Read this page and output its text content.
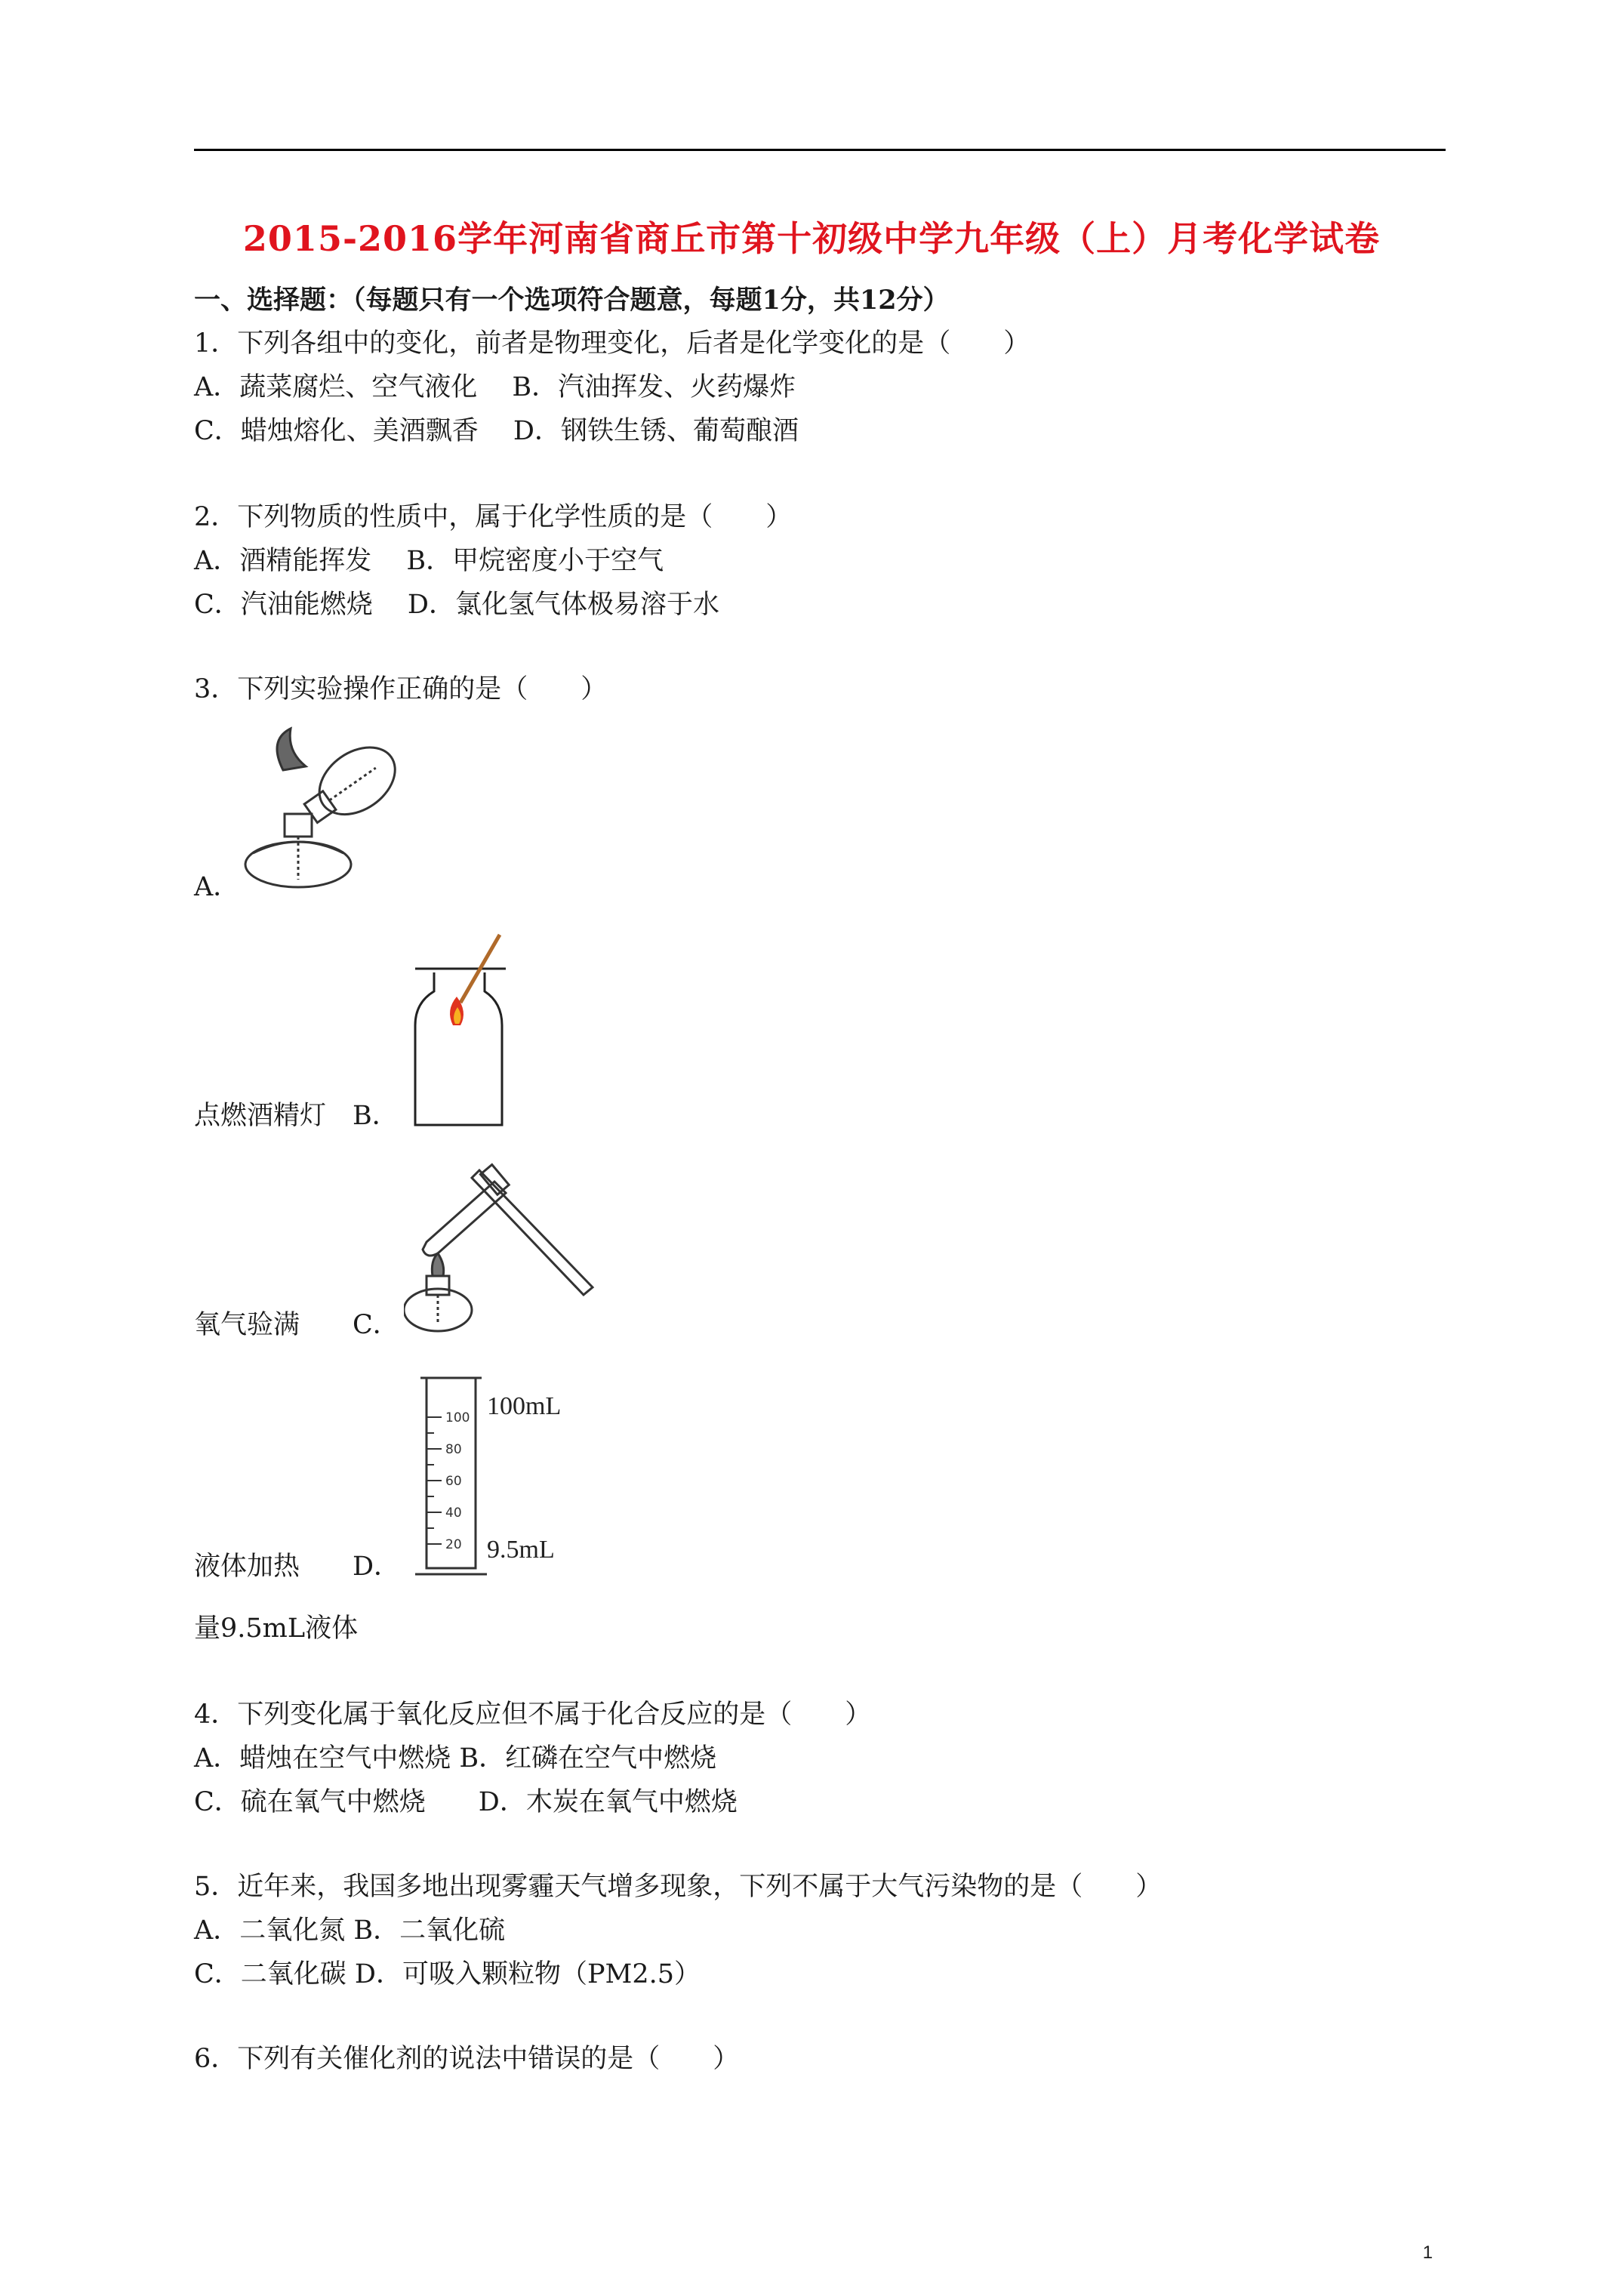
2015-2016学年河南省商丘市第十初级中学九年级（上）月考化学试卷
一、选择题：（每题只有一个选项符合题意，每题1分，共12分）
1．下列各组中的变化，前者是物理变化，后者是化学变化的是（　　）
A．蔬菜腐烂、空气液化　 B．汽油挥发、火药爆炸
C．蜡烛熔化、美酒飘香　 D．钢铁生锈、葡萄酿酒
2．下列物质的性质中，属于化学性质的是（　　）
A．酒精能挥发　 B．甲烷密度小于空气
C．汽油能燃烧　 D．氯化氢气体极易溶于水
3．下列实验操作正确的是（　　）
A．
点燃酒精灯　B．
氧气验满　　C．
100
80
60
40
20
100mL
9.5mL
液体加热　　D．
量9.5mL液体
4．下列变化属于氧化反应但不属于化合反应的是（　　）
A．蜡烛在空气中燃烧 B．红磷在空气中燃烧
C．硫在氧气中燃烧　　D．木炭在氧气中燃烧
5．近年来，我国多地出现雾霾天气增多现象，下列不属于大气污染物的是（　　）
A．二氧化氮 B．二氧化硫
C．二氧化碳 D．可吸入颗粒物（PM2.5）
6．下列有关催化剂的说法中错误的是（　　）
1
